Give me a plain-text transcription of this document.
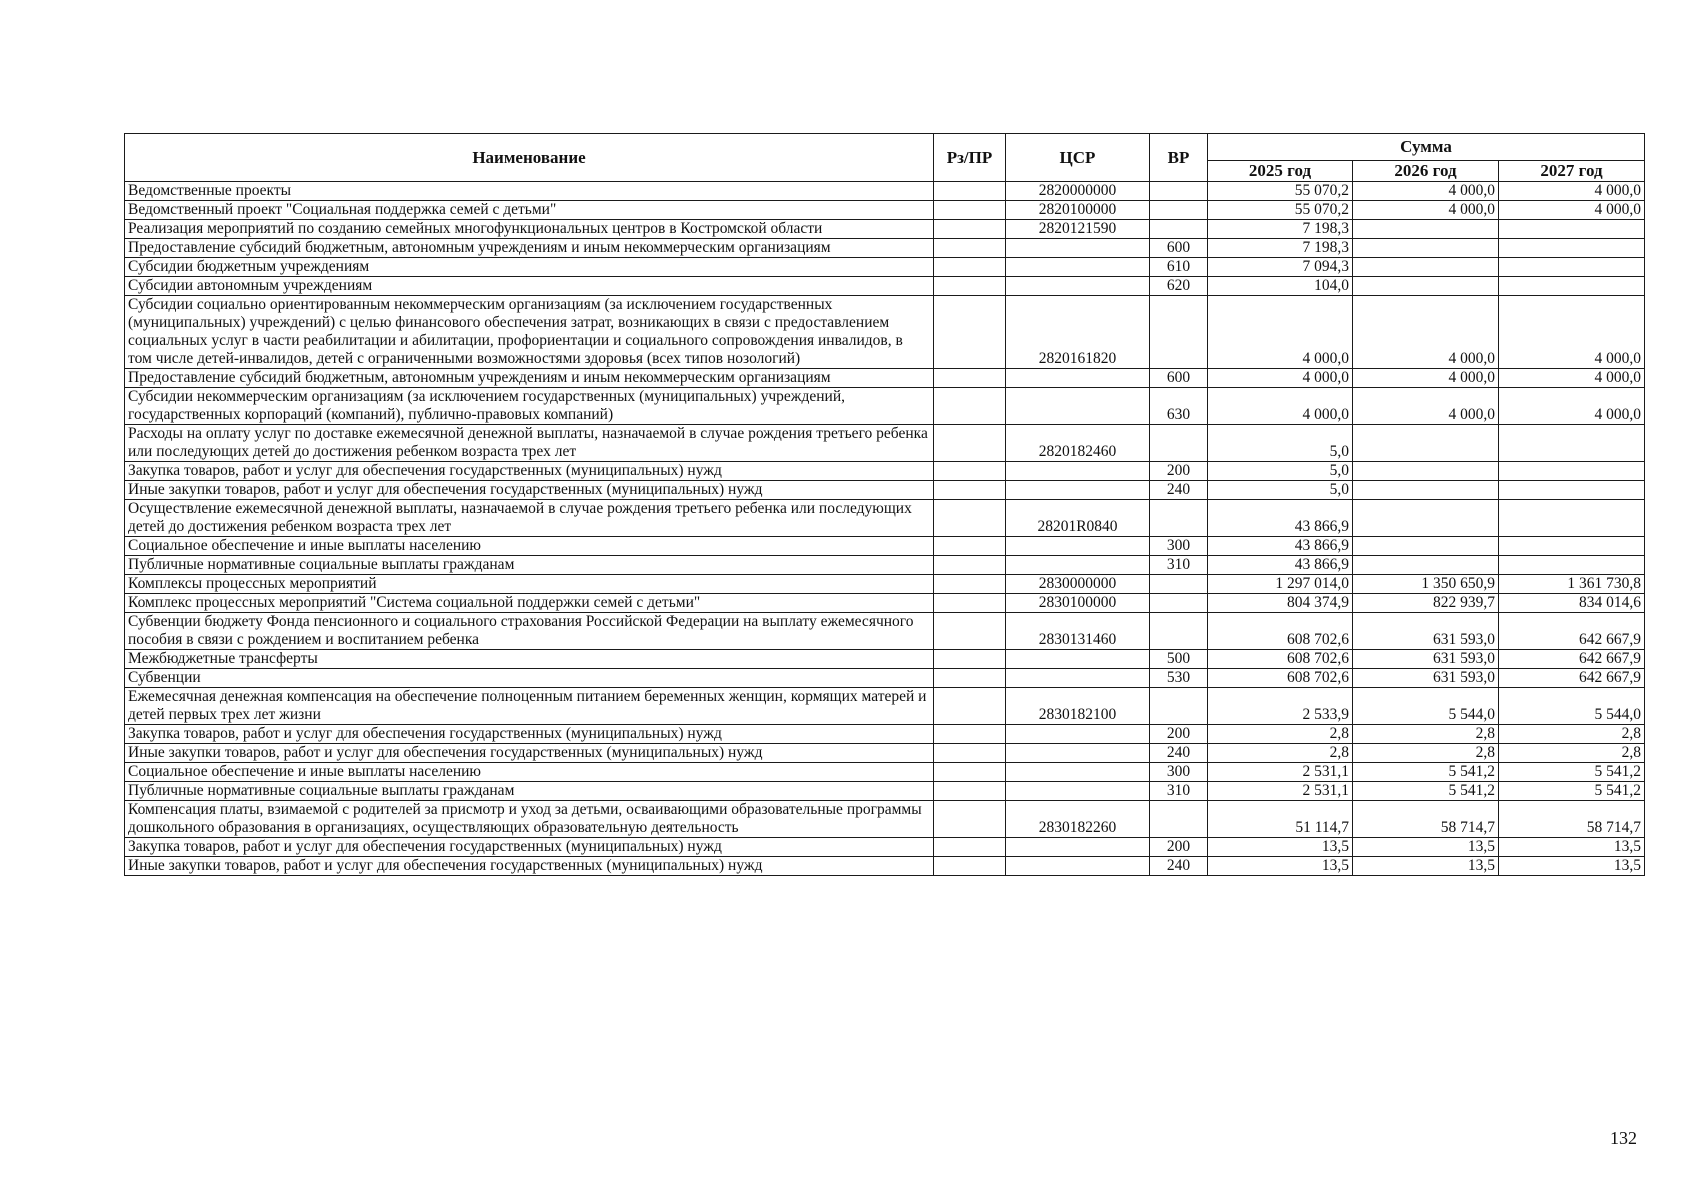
Наименование	Рз/ПР	ЦСР	ВР	Сумма		
				2025 год	2026 год	2027 год
Ведомственные проекты		2820000000		55 070,2	4 000,0	4 000,0
Ведомственный проект "Социальная поддержка семей с детьми"		2820100000		55 070,2	4 000,0	4 000,0
Реализация мероприятий по созданию семейных многофункциональных центров в Костромской области		2820121590		7 198,3		
Предоставление субсидий бюджетным, автономным учреждениям и иным некоммерческим организациям			600	7 198,3		
Субсидии бюджетным учреждениям			610	7 094,3		
Субсидии автономным учреждениям			620	104,0		
Субсидии социально ориентированным некоммерческим организациям (за исключением государственных (муниципальных) учреждений) с целью финансового обеспечения затрат, возникающих в связи с предоставлением социальных услуг в части реабилитации и абилитации, профориентации и социального сопровождения инвалидов, в том числе детей-инвалидов, детей с ограниченными возможностями здоровья (всех типов нозологий)		2820161820		4 000,0	4 000,0	4 000,0
Предоставление субсидий бюджетным, автономным учреждениям и иным некоммерческим организациям			600	4 000,0	4 000,0	4 000,0
Субсидии некоммерческим организациям (за исключением государственных (муниципальных) учреждений, государственных корпораций (компаний), публично-правовых компаний)			630	4 000,0	4 000,0	4 000,0
Расходы на оплату услуг по доставке ежемесячной денежной выплаты, назначаемой в случае рождения третьего ребенка или последующих детей до достижения ребенком возраста трех лет		2820182460		5,0		
Закупка товаров, работ и услуг для обеспечения государственных (муниципальных) нужд			200	5,0		
Иные закупки товаров, работ и услуг для обеспечения государственных (муниципальных) нужд			240	5,0		
Осуществление ежемесячной денежной выплаты, назначаемой в случае рождения третьего ребенка или последующих детей до достижения ребенком возраста трех лет		28201R0840		43 866,9		
Социальное обеспечение и иные выплаты населению			300	43 866,9		
Публичные нормативные социальные выплаты гражданам			310	43 866,9		
Комплексы процессных мероприятий		2830000000		1 297 014,0	1 350 650,9	1 361 730,8
Комплекс процессных мероприятий "Система социальной поддержки семей с детьми"		2830100000		804 374,9	822 939,7	834 014,6
Субвенции бюджету Фонда пенсионного и социального страхования Российской Федерации на выплату ежемесячного пособия в связи с рождением и воспитанием ребенка		2830131460		608 702,6	631 593,0	642 667,9
Межбюджетные трансферты			500	608 702,6	631 593,0	642 667,9
Субвенции			530	608 702,6	631 593,0	642 667,9
Ежемесячная денежная компенсация на обеспечение полноценным питанием беременных женщин, кормящих матерей и детей первых трех лет жизни		2830182100		2 533,9	5 544,0	5 544,0
Закупка товаров, работ и услуг для обеспечения государственных (муниципальных) нужд			200	2,8	2,8	2,8
Иные закупки товаров, работ и услуг для обеспечения государственных (муниципальных) нужд			240	2,8	2,8	2,8
Социальное обеспечение и иные выплаты населению			300	2 531,1	5 541,2	5 541,2
Публичные нормативные социальные выплаты гражданам			310	2 531,1	5 541,2	5 541,2
Компенсация платы, взимаемой с родителей за присмотр и уход за детьми, осваивающими образовательные программы дошкольного образования в организациях, осуществляющих образовательную деятельность		2830182260		51 114,7	58 714,7	58 714,7
Закупка товаров, работ и услуг для обеспечения государственных (муниципальных) нужд			200	13,5	13,5	13,5
Иные закупки товаров, работ и услуг для обеспечения государственных (муниципальных) нужд			240	13,5	13,5	13,5
132
